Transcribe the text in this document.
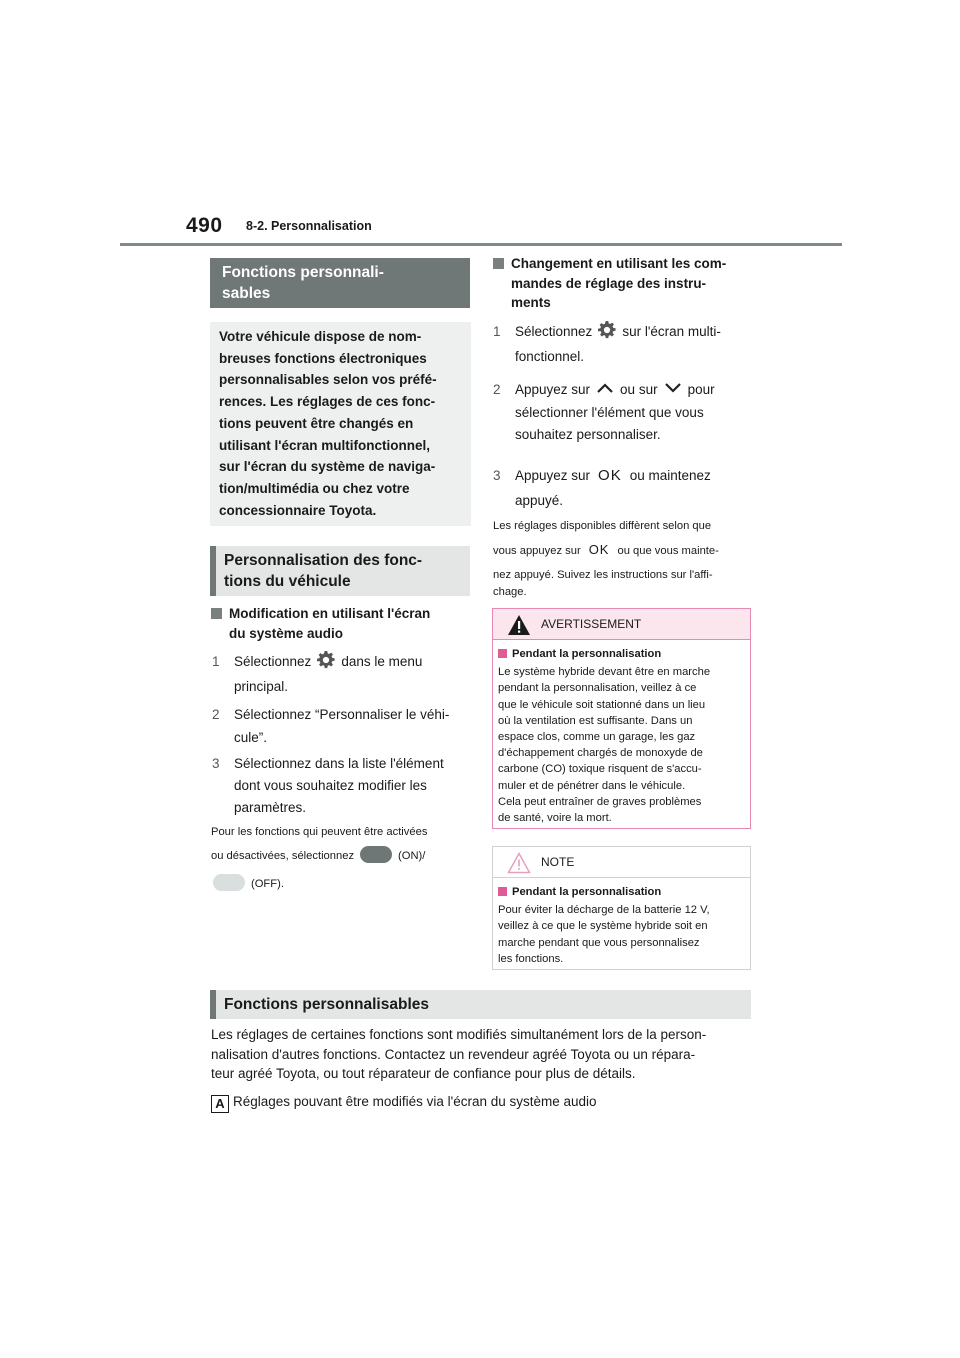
490 8-2. Personnalisation
Fonctions personnali-
sables
Votre véhicule dispose de nom-
breuses fonctions électroniques
personnalisables selon vos préfé-
rences. Les réglages de ces fonc-
tions peuvent être changés en
utilisant l'écran multifonctionnel,
sur l'écran du système de naviga-
tion/multimédia ou chez votre
concessionnaire Toyota.
Personnalisation des fonc-
tions du véhicule
Modification en utilisant l'écran
du système audio
1 Sélectionnez dans le menu
principal.
2 Sélectionnez “Personnaliser le véhi-
cule”.
3 Sélectionnez dans la liste l'élément
dont vous souhaitez modifier les
paramètres.
Pour les fonctions qui peuvent être activées
ou désactivées, sélectionnez	(ON)/
(OFF).
Changement en utilisant les com-
mandes de réglage des instru-
ments
1 Sélectionnez sur l'écran multi-
fonctionnel.
2 Appuyez sur ou sur pour
sélectionner l'élément que vous
souhaitez personnaliser.
3 Appuyez sur OK ou maintenez
appuyé.
Les réglages disponibles diffèrent selon que
vous appuyez sur OK ou que vous mainte-
nez appuyé. Suivez les instructions sur l'affi-
chage.
AVERTISSEMENT
Pendant la personnalisation
Le système hybride devant être en marche
pendant la personnalisation, veillez à ce
que le véhicule soit stationné dans un lieu
où la ventilation est suffisante. Dans un
espace clos, comme un garage, les gaz
d'échappement chargés de monoxyde de
carbone (CO) toxique risquent de s'accu-
muler et de pénétrer dans le véhicule.
Cela peut entraîner de graves problèmes
de santé, voire la mort.
NOTE
Pendant la personnalisation
Pour éviter la décharge de la batterie 12 V,
veillez à ce que le système hybride soit en
marche pendant que vous personnalisez
les fonctions.
Fonctions personnalisables
Les réglages de certaines fonctions sont modifiés simultanément lors de la person-
nalisation d'autres fonctions. Contactez un revendeur agréé Toyota ou un répara-
teur agréé Toyota, ou tout réparateur de confiance pour plus de détails.
A Réglages pouvant être modifiés via l'écran du système audio
